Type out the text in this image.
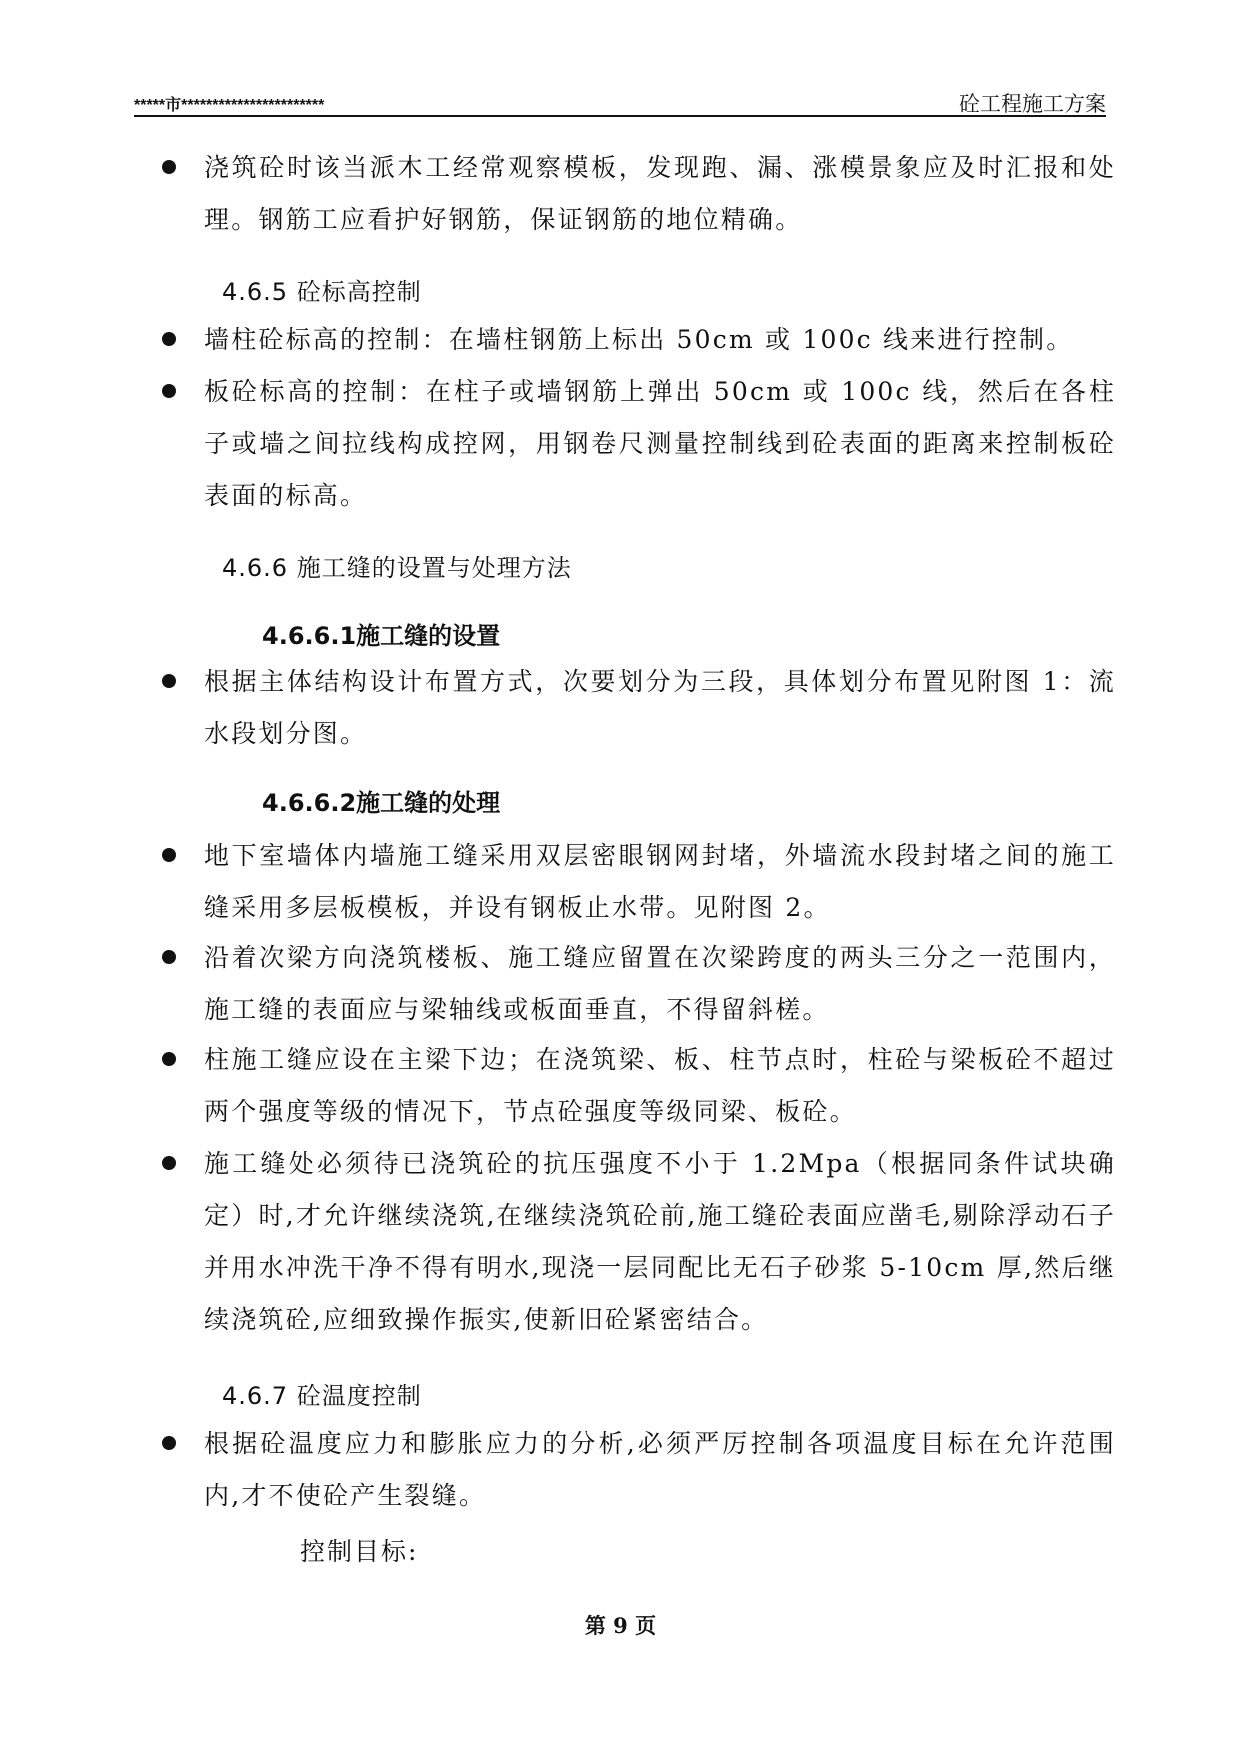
*****市***********************	砼工程施工方案
浇筑砼时该当派木工经常观察模板，发现跑、漏、涨模景象应及时汇报和处理。钢筋工应看护好钢筋，保证钢筋的地位精确。
4.6.5 砼标高控制
墙柱砼标高的控制：在墙柱钢筋上标出 50cm 或 100c 线来进行控制。
板砼标高的控制：在柱子或墙钢筋上弹出 50cm 或 100c 线，然后在各柱子或墙之间拉线构成控网，用钢卷尺测量控制线到砼表面的距离来控制板砼表面的标高。
4.6.6 施工缝的设置与处理方法
4.6.6.1施工缝的设置
根据主体结构设计布置方式，次要划分为三段，具体划分布置见附图 1：流水段划分图。
4.6.6.2施工缝的处理
地下室墙体内墙施工缝采用双层密眼钢网封堵，外墙流水段封堵之间的施工缝采用多层板模板，并设有钢板止水带。见附图 2。
沿着次梁方向浇筑楼板、施工缝应留置在次梁跨度的两头三分之一范围内，施工缝的表面应与梁轴线或板面垂直，不得留斜槎。
柱施工缝应设在主梁下边；在浇筑梁、板、柱节点时，柱砼与梁板砼不超过两个强度等级的情况下，节点砼强度等级同梁、板砼。
施工缝处必须待已浇筑砼的抗压强度不小于 1.2Mpa（根据同条件试块确定）时,才允许继续浇筑,在继续浇筑砼前,施工缝砼表面应凿毛,剔除浮动石子并用水冲洗干净不得有明水,现浇一层同配比无石子砂浆 5-10cm 厚,然后继续浇筑砼,应细致操作振实,使新旧砼紧密结合。
4.6.7 砼温度控制
根据砼温度应力和膨胀应力的分析,必须严厉控制各项温度目标在允许范围内,才不使砼产生裂缝。
控制目标:
第 9 页
